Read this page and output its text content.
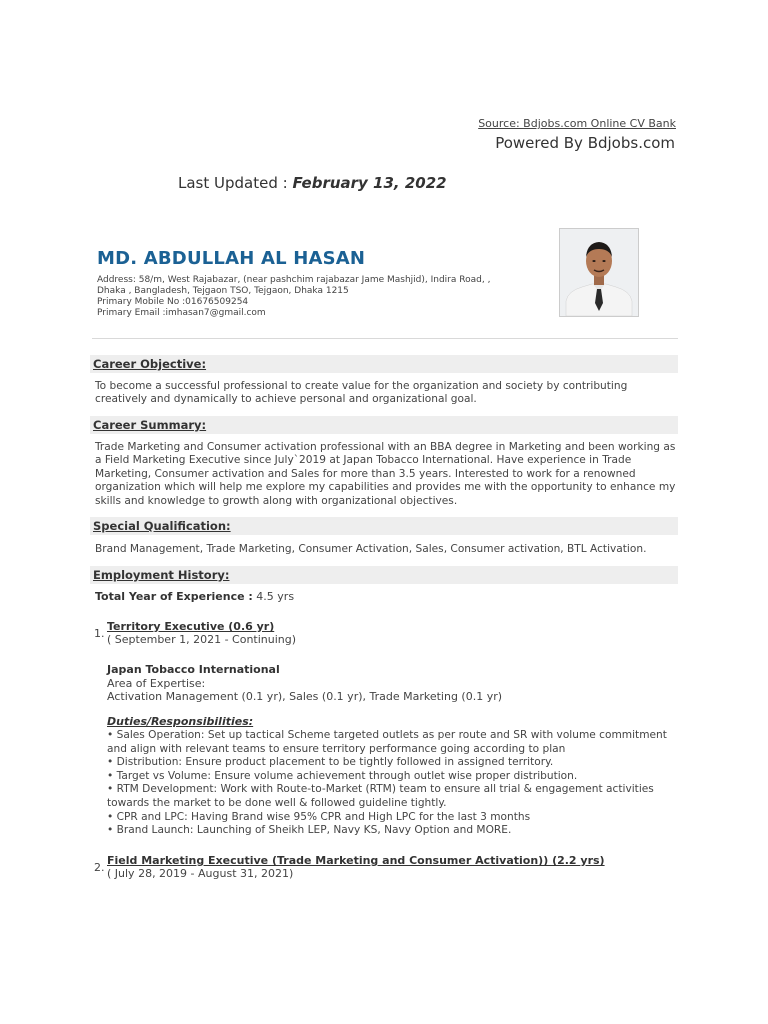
Source: Bdjobs.com Online CV Bank
Powered By Bdjobs.com
Last Updated : February 13, 2022
MD. ABDULLAH AL HASAN
Address: 58/m, West Rajabazar, (near pashchim rajabazar Jame Mashjid), Indira Road, ,
Dhaka , Bangladesh, Tejgaon TSO, Tejgaon, Dhaka 1215
Primary Mobile No :01676509254
Primary Email :imhasan7@gmail.com
Career Objective:
To become a successful professional to create value for the organization and society by contributing creatively and dynamically to achieve personal and organizational goal.
Career Summary:
Trade Marketing and Consumer activation professional with an BBA degree in Marketing and been working as a Field Marketing Executive since July`2019 at Japan Tobacco International. Have experience in Trade Marketing, Consumer activation and Sales for more than 3.5 years. Interested to work for a renowned organization which will help me explore my capabilities and provides me with the opportunity to enhance my skills and knowledge to growth along with organizational objectives.
Special Qualification:
Brand Management, Trade Marketing, Consumer Activation, Sales, Consumer activation, BTL Activation.
Employment History:
Total Year of Experience : 4.5 yrs
1.
Territory Executive (0.6 yr)
( September 1, 2021 - Continuing)
Japan Tobacco International
Area of Expertise:
Activation Management (0.1 yr), Sales (0.1 yr), Trade Marketing (0.1 yr)
Duties/Responsibilities:
• Sales Operation: Set up tactical Scheme targeted outlets as per route and SR with volume commitment and align with relevant teams to ensure territory performance going according to plan
• Distribution: Ensure product placement to be tightly followed in assigned territory.
• Target vs Volume: Ensure volume achievement through outlet wise proper distribution.
• RTM Development: Work with Route-to-Market (RTM) team to ensure all trial & engagement activities towards the market to be done well & followed guideline tightly.
• CPR and LPC: Having Brand wise 95% CPR and High LPC for the last 3 months
• Brand Launch: Launching of Sheikh LEP, Navy KS, Navy Option and MORE.
2.
Field Marketing Executive (Trade Marketing and Consumer Activation)) (2.2 yrs)
( July 28, 2019 - August 31, 2021)
